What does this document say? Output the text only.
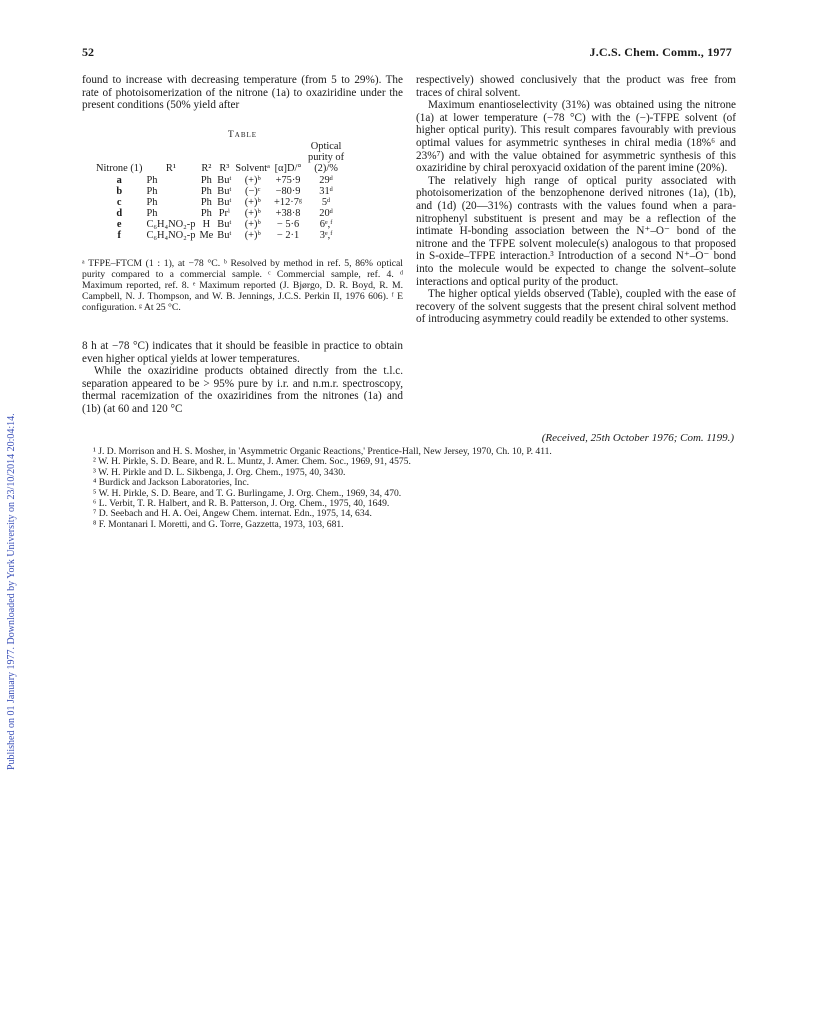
52	J.C.S. Chem. Comm., 1977
Published on 01 January 1977. Downloaded by York University on 23/10/2014 20:04:14.

found to increase with decreasing temperature (from 5 to 29%). The rate of photoisomerization of the nitrone (1a) to oxaziridine under the present conditions (50% yield after

Table
Nitrone (1)	R¹	R²	R³	Solventᵃ	[α]D/°	Optical purity of (2)/%
a	Ph	Ph	Buᵗ	(+)ᵇ	+75·9	29ᵈ
b	Ph	Ph	Buᵗ	(−)ᶜ	−80·9	31ᵈ
c	Ph	Ph	Buᵗ	(+)ᵇ	+12·7ᵍ	5ᵈ
d	Ph	Ph	Prⁱ	(+)ᵇ	+38·8	20ᵈ
e	C₆H₄NO₂-p	H	Buᵗ	(+)ᵇ	− 5·6	6ᵉ,ᶠ
f	C₆H₄NO₂-p	Me	Buᵗ	(+)ᵇ	− 2·1	3ᵉ,ᶠ
ᵃ TFPE–FTCM (1 : 1), at −78 °C. ᵇ Resolved by method in ref. 5, 86% optical purity compared to a commercial sample. ᶜ Commercial sample, ref. 4. ᵈ Maximum reported, ref. 8. ᵉ Maximum reported (J. Bjørgo, D. R. Boyd, R. M. Campbell, N. J. Thompson, and W. B. Jennings, J.C.S. Perkin II, 1976 606). ᶠ E configuration. ᵍ At 25 °C.

8 h at −78 °C) indicates that it should be feasible in practice to obtain even higher optical yields at lower temperatures.

While the oxaziridine products obtained directly from the t.l.c. separation appeared to be > 95% pure by i.r. and n.m.r. spectroscopy, thermal racemization of the oxaziridines from the nitrones (1a) and (1b) (at 60 and 120 °C

respectively) showed conclusively that the product was free from traces of chiral solvent.

Maximum enantioselectivity (31%) was obtained using the nitrone (1a) at lower temperature (−78 °C) with the (−)-TFPE solvent (of higher optical purity). This result compares favourably with previous optimal values for asymmetric syntheses in chiral media (18%⁶ and 23%⁷) and with the value obtained for asymmetric synthesis of this oxaziridine by chiral peroxyacid oxidation of the parent imine (20%).

The relatively high range of optical purity associated with photoisomerization of the benzophenone derived nitrones (1a), (1b), and (1d) (20—31%) contrasts with the values found when a para-nitrophenyl substituent is present and may be a reflection of the intimate H-bonding association between the N⁺–O⁻ bond of the nitrone and the TFPE solvent molecule(s) analogous to that proposed in S-oxide–TFPE interaction.³ Introduction of a second N⁺–O⁻ bond into the molecule would be expected to change the solvent–solute interactions and optical purity of the product.

The higher optical yields observed (Table), coupled with the ease of recovery of the solvent suggests that the present chiral solvent method of introducing asymmetry could readily be extended to other systems.

(Received, 25th October 1976; Com. 1199.)
¹ J. D. Morrison and H. S. Mosher, in 'Asymmetric Organic Reactions,' Prentice-Hall, New Jersey, 1970, Ch. 10, P. 411.
² W. H. Pirkle, S. D. Beare, and R. L. Muntz, J. Amer. Chem. Soc., 1969, 91, 4575.
³ W. H. Pirkle and D. L. Sikbenga, J. Org. Chem., 1975, 40, 3430.
⁴ Burdick and Jackson Laboratories, Inc.
⁵ W. H. Pirkle, S. D. Beare, and T. G. Burlingame, J. Org. Chem., 1969, 34, 470.
⁶ L. Verbit, T. R. Halbert, and R. B. Patterson, J. Org. Chem., 1975, 40, 1649.
⁷ D. Seebach and H. A. Oei, Angew Chem. internat. Edn., 1975, 14, 634.
⁸ F. Montanari I. Moretti, and G. Torre, Gazzetta, 1973, 103, 681.
